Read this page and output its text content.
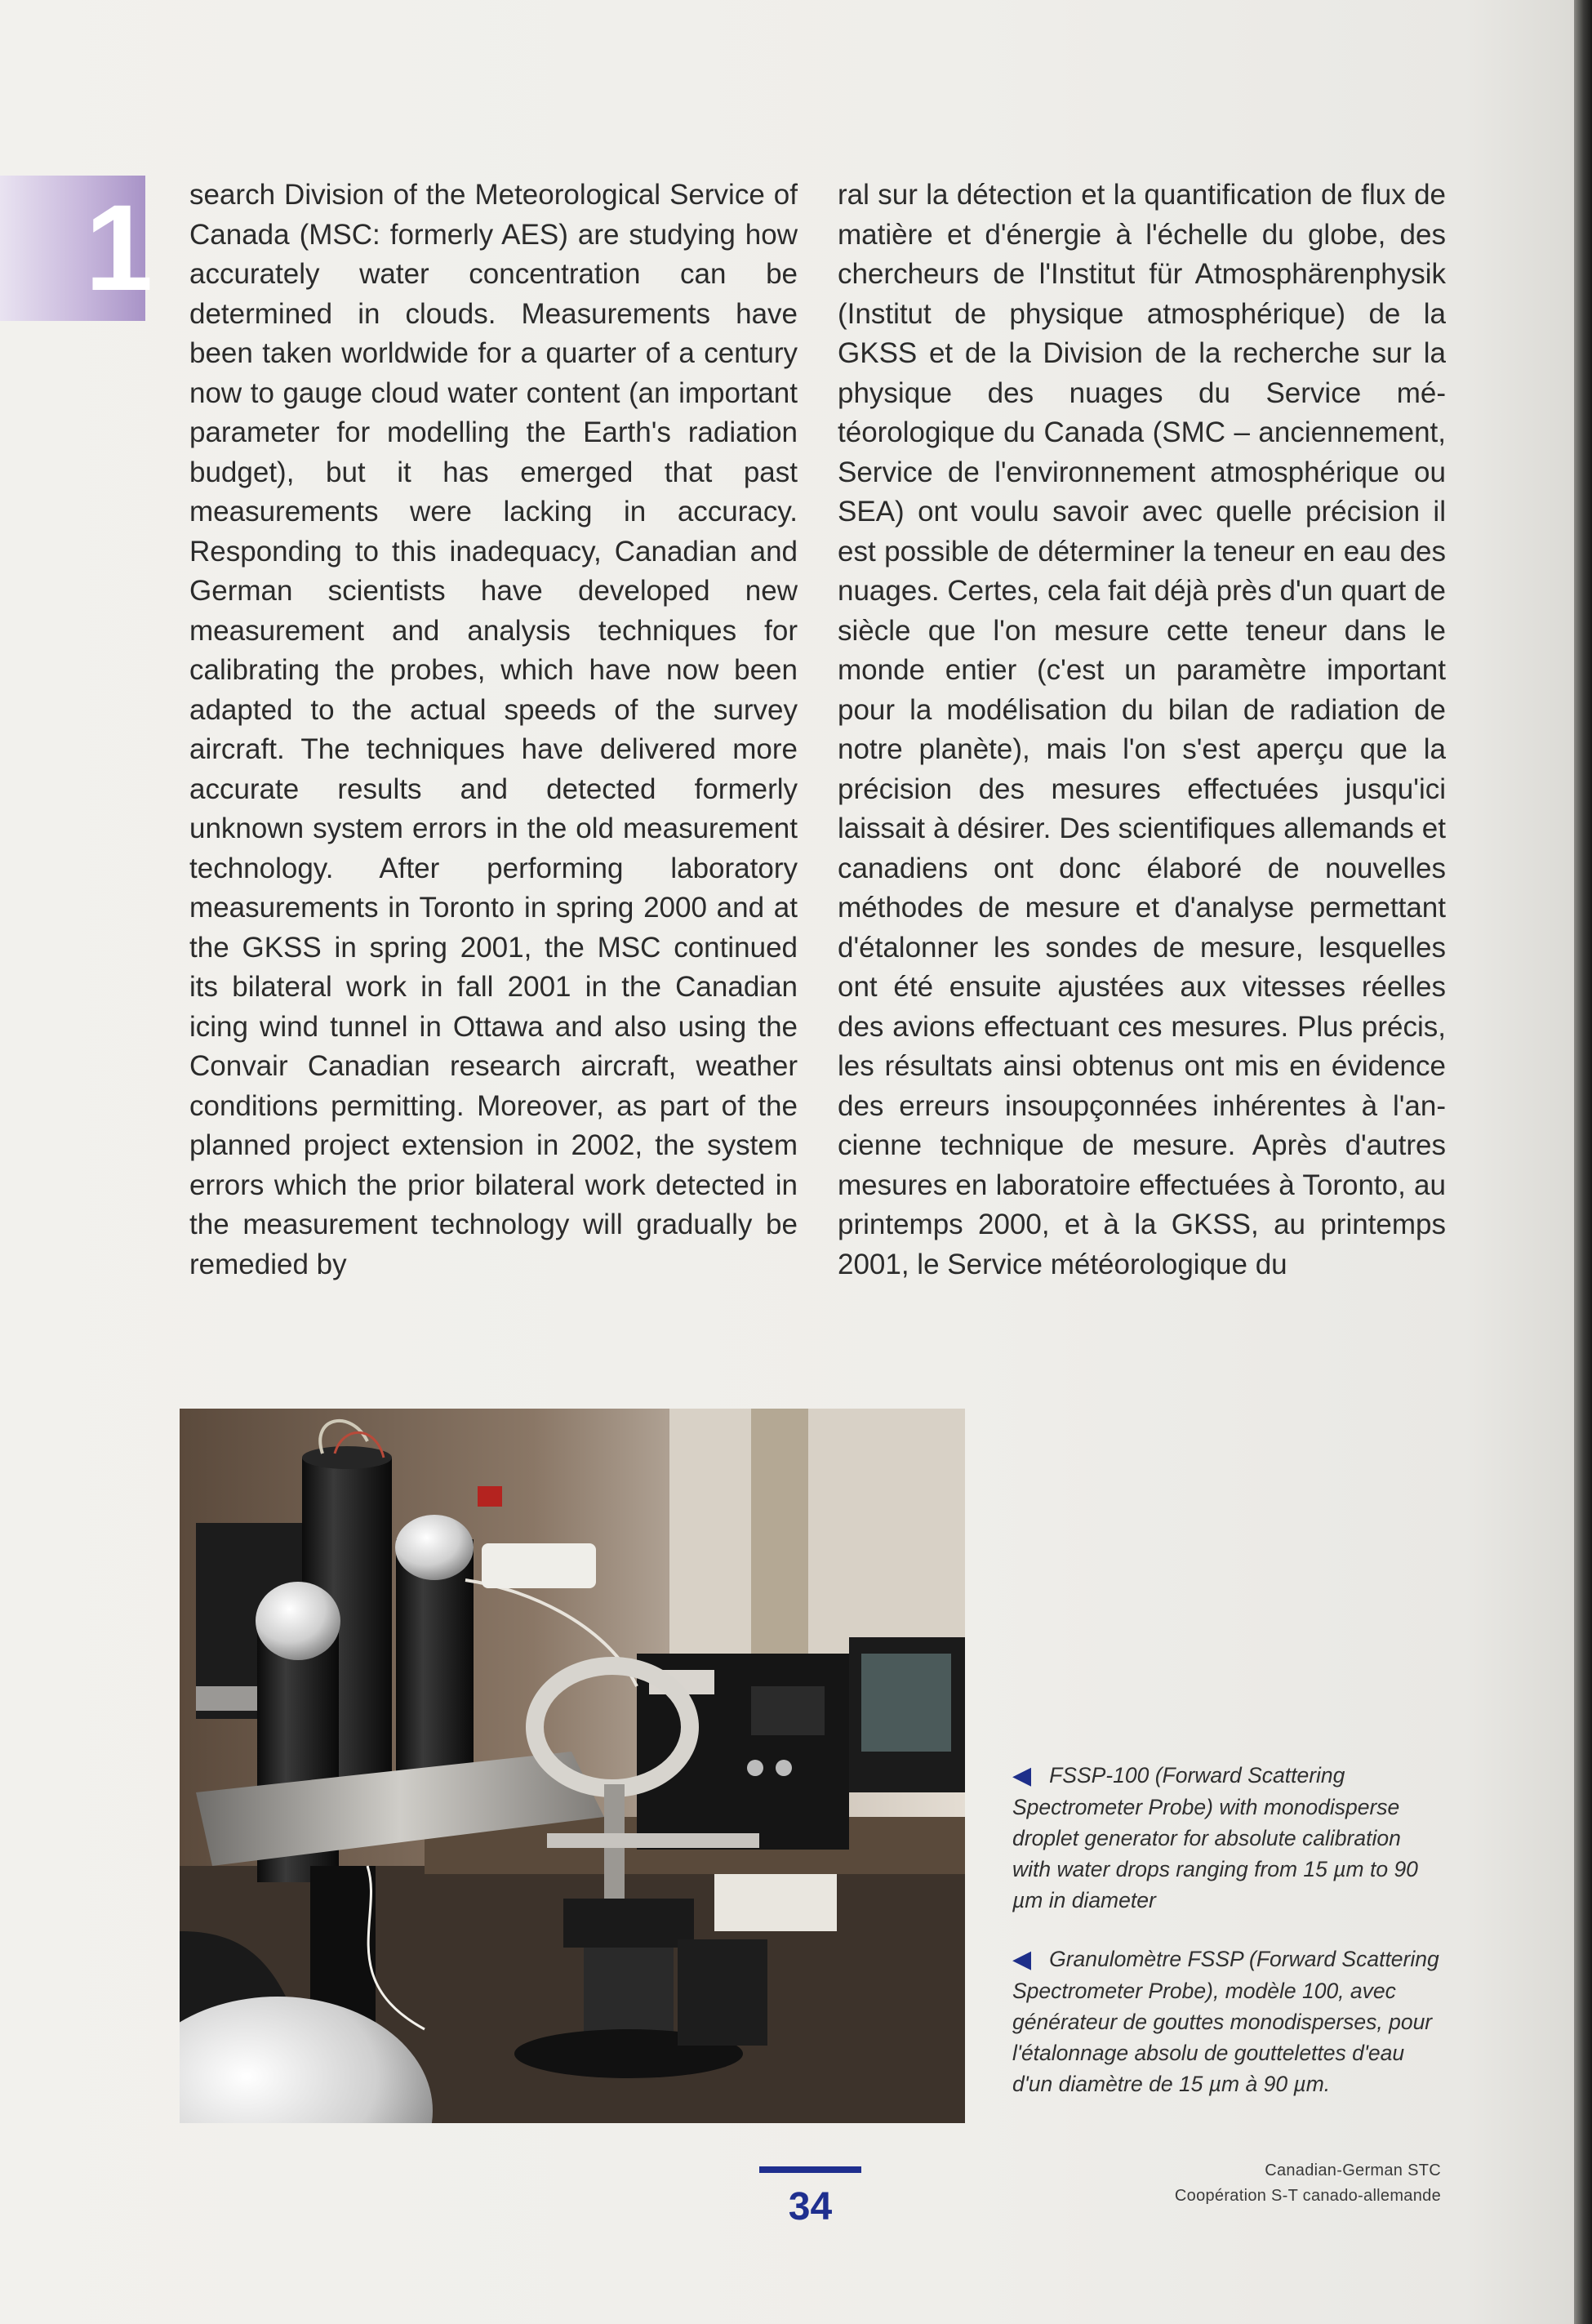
1 search Division of the Meteorological Service of Canada (MSC: formerly AES) are studying how accurately water concentration can be determined in clouds. Measurements have been taken worldwide for a quarter of a century now to gauge cloud water content (an important parameter for modelling the Earth's radiation budget), but it has emerged that past measurements were lacking in accuracy. Responding to this inadequacy, Canadian and German scientists have developed new measurement and analysis techniques for calibrating the probes, which have now been adapted to the actual speeds of the survey aircraft. The techniques have delivered more accurate results and detected formerly unknown system errors in the old measurement technology. After performing laboratory measurements in Toronto in spring 2000 and at the GKSS in spring 2001, the MSC continued its bilateral work in fall 2001 in the Canadian icing wind tunnel in Ottawa and also using the Convair Canadian research aircraft, weather conditions permitting. Moreover, as part of the planned project extension in 2002, the system errors which the prior bilateral work detected in the measurement technology will gradually be remedied by

ral sur la détection et la quantification de flux de matière et d'énergie à l'échelle du globe, des chercheurs de l'Institut für Atmosphärenphysik (Institut de physique atmosphérique) de la GKSS et de la Division de la recherche sur la physique des nuages du Service météorologique du Canada (SMC – anciennement, Service de l'environnement atmosphérique ou SEA) ont voulu savoir avec quelle précision il est possible de déterminer la teneur en eau des nuages. Certes, cela fait déjà près d'un quart de siècle que l'on mesure cette teneur dans le monde entier (c'est un paramètre important pour la modélisation du bilan de radiation de notre planète), mais l'on s'est aperçu que la précision des mesures effectuées jusqu'ici laissait à désirer. Des scientifiques allemands et canadiens ont donc élaboré de nouvelles méthodes de mesure et d'analyse permettant d'étalonner les sondes de mesure, lesquelles ont été ensuite ajustées aux vitesses réelles des avions effectuant ces mesures. Plus précis, les résultats ainsi obtenus ont mis en évidence des erreurs insoupçonnées inhérentes à l'ancienne technique de mesure. Après d'autres mesures en laboratoire effectuées à Toronto, au printemps 2000, et à la GKSS, au printemps 2001, le Service météorologique du

◀ FSSP-100 (Forward Scattering Spectrometer Probe) with monodisperse droplet generator for absolute calibration with water drops ranging from 15 µm to 90 µm in diameter

◀ Granulomètre FSSP (Forward Scattering Spectrometer Probe), modèle 100, avec générateur de gouttes monodisperses, pour l'étalonnage absolu de gouttelettes d'eau d'un diamètre de 15 µm à 90 µm.

34
Canadian-German STC
Coopération S-T canado-allemande
